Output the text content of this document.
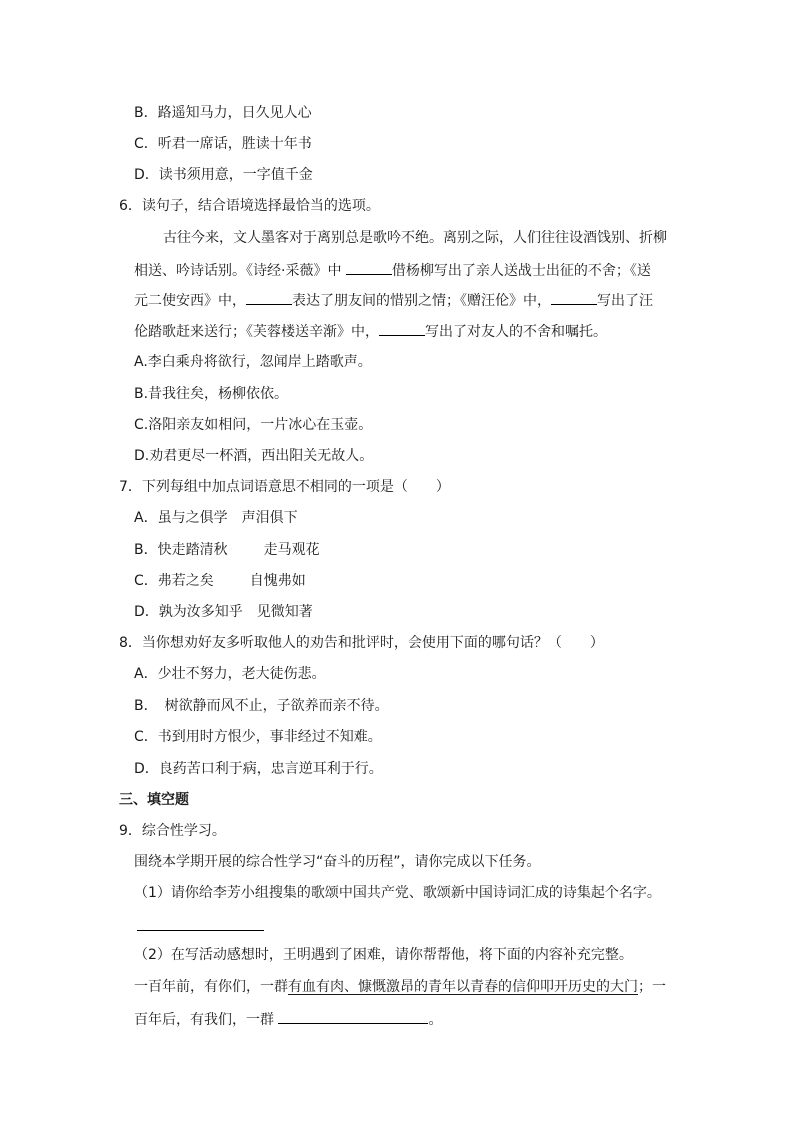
B．路遥知马力，日久见人心
C．听君一席话，胜读十年书
D．读书须用意，一字值千金
6．读句子，结合语境选择最恰当的选项。
古往今来，文人墨客对于离别总是歌吟不绝。离别之际，人们往往设酒饯别、折柳
相送、吟诗话别。《诗经·采薇》中	借杨柳写出了亲人送战士出征的不舍；《送
元二使安西》中，	表达了朋友间的惜别之情；《赠汪伦》中，	写出了汪
伦踏歌赶来送行；《芙蓉楼送辛渐》中，	写出了对友人的不舍和嘱托。
A.李白乘舟将欲行，忽闻岸上踏歌声。
B.昔我往矣，杨柳依依。
C.洛阳亲友如相问，一片冰心在玉壶。
D.劝君更尽一杯酒，西出阳关无故人。
7．下列每组中加点词语意思不相同的一项是（　　）
A．虽与之俱学 声泪俱下
B．快走踏清秋	走马观花
C．弗若之矣	自愧弗如
D．孰为汝多知乎 见微知著
8．当你想劝好友多听取他人的劝告和批评时，会使用下面的哪句话？（　　）
A．少壮不努力，老大徒伤悲。
B．　树欲静而风不止，子欲养而亲不待。
C．书到用时方恨少，事非经过不知难。
D．良药苦口利于病，忠言逆耳利于行。
三、填空题
9．综合性学习。
围绕本学期开展的综合性学习“奋斗的历程”，请你完成以下任务。
（1）请你给李芳小组搜集的歌颂中国共产党、歌颂新中国诗词汇成的诗集起个名字。
（2）在写活动感想时，王明遇到了困难，请你帮帮他，将下面的内容补充完整。
一百年前，有你们，一群有血有肉、慷慨激昂的青年以青春的信仰叩开历史的大门；一
百年后，有我们，一群	。
